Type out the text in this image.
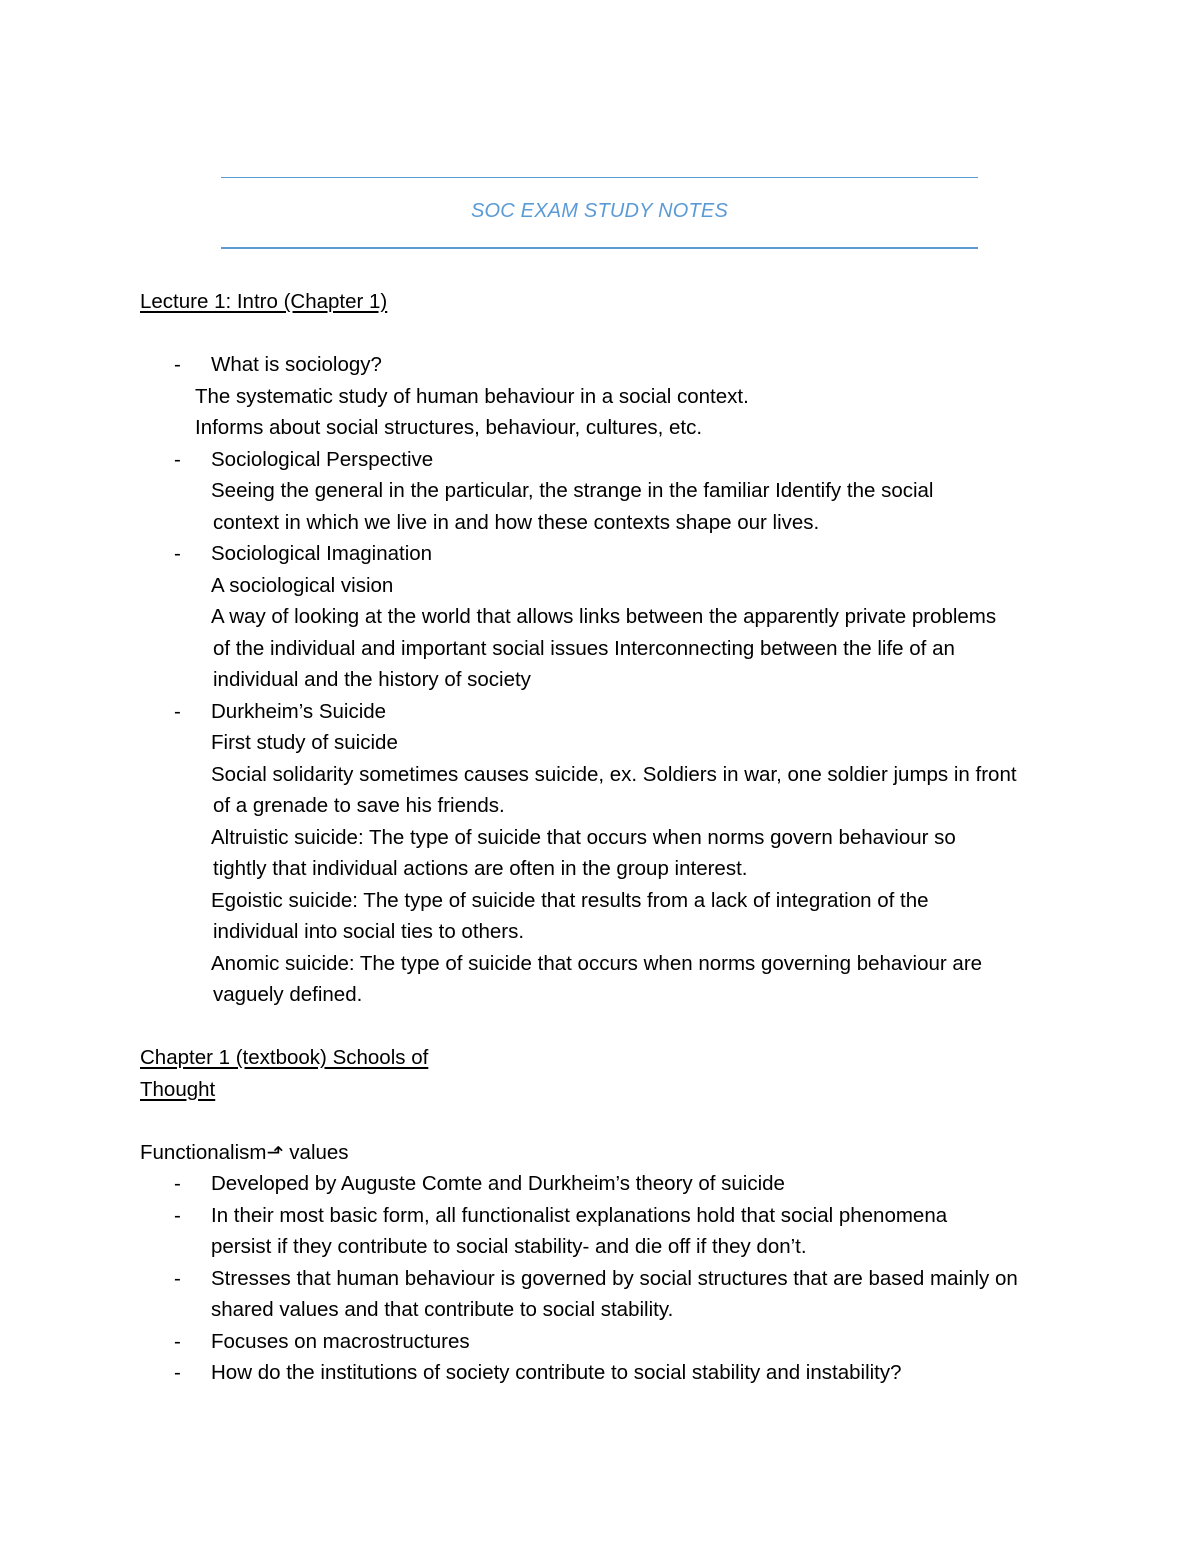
SOC EXAM STUDY NOTES
Lecture 1: Intro (Chapter 1)
- What is sociology?
The systematic study of human behaviour in a social context.
Informs about social structures, behaviour, cultures, etc.
- Sociological Perspective
Seeing the general in the particular, the strange in the familiar Identify the social
context in which we live in and how these contexts shape our lives.
- Sociological Imagination
A sociological vision
A way of looking at the world that allows links between the apparently private problems
of the individual and important social issues Interconnecting between the life of an
individual and the history of society
- Durkheim’s Suicide
First study of suicide
Social solidarity sometimes causes suicide, ex. Soldiers in war, one soldier jumps in front
of a grenade to save his friends.
Altruistic suicide: The type of suicide that occurs when norms govern behaviour so
tightly that individual actions are often in the group interest.
Egoistic suicide: The type of suicide that results from a lack of integration of the
individual into social ties to others.
Anomic suicide: The type of suicide that occurs when norms governing behaviour are
vaguely defined.
Chapter 1 (textbook) Schools of
Thought
Functionalism⬏ values
- Developed by Auguste Comte and Durkheim’s theory of suicide
- In their most basic form, all functionalist explanations hold that social phenomena
persist if they contribute to social stability- and die off if they don’t.
- Stresses that human behaviour is governed by social structures that are based mainly on
shared values and that contribute to social stability.
- Focuses on macrostructures
- How do the institutions of society contribute to social stability and instability?
